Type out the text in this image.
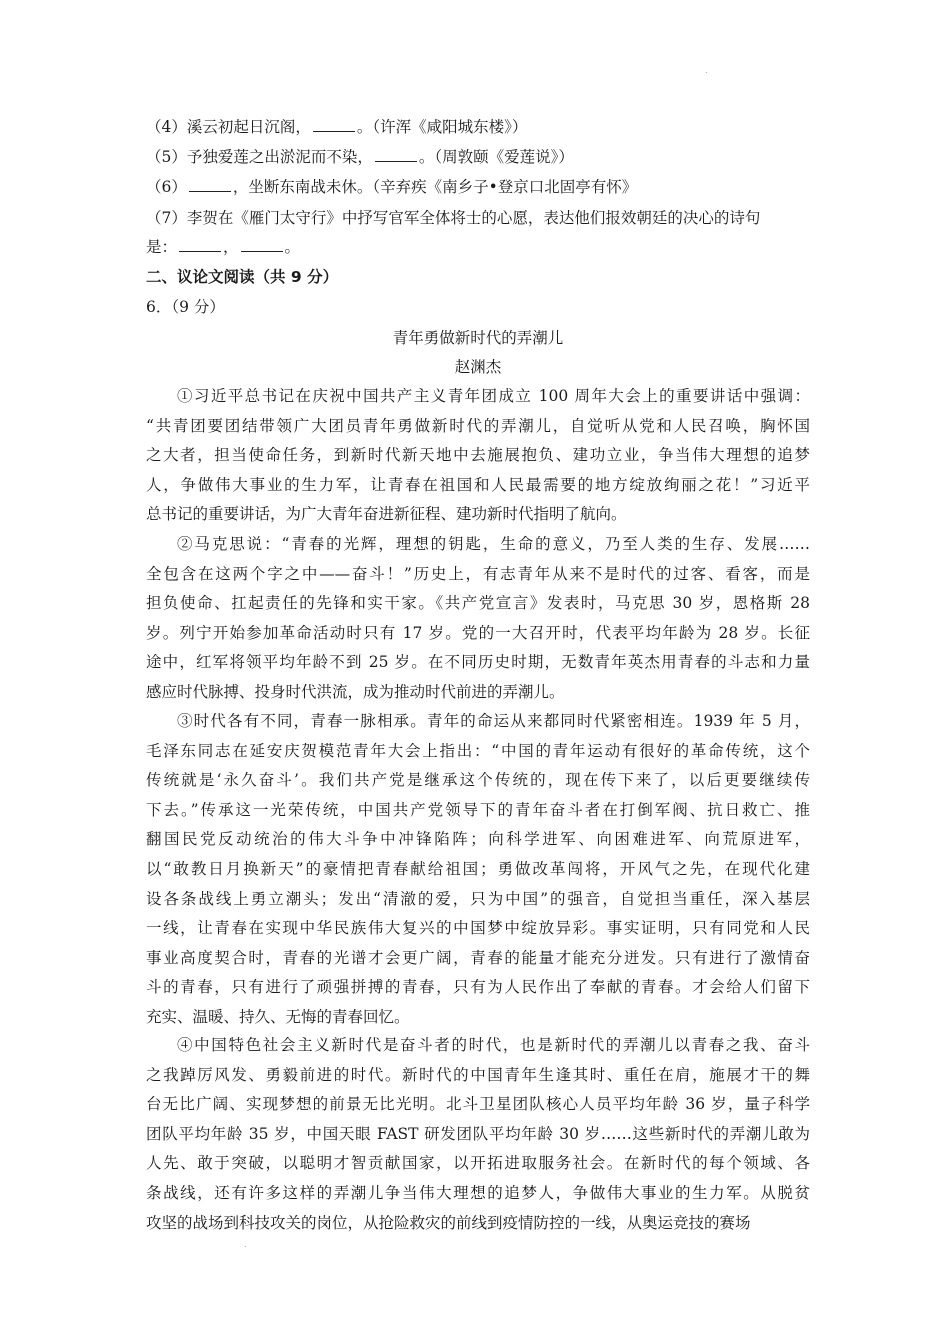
.
（4）溪云初起日沉阁，	。（许浑《咸阳城东楼》）
（5）予独爱莲之出淤泥而不染，	。（周敦颐《爱莲说》）
（6）	，坐断东南战未休。（辛弃疾《南乡子•登京口北固亭有怀》
（7）李贺在《雁门太守行》中抒写官军全体将士的心愿，表达他们报效朝廷的决心的诗句
是：	，	。
二、议论文阅读（共 9 分）
6．（9 分）
青年勇做新时代的弄潮儿
赵渊杰
①习近平总书记在庆祝中国共产主义青年团成立 100 周年大会上的重要讲话中强调：
“共青团要团结带领广大团员青年勇做新时代的弄潮儿，自觉听从党和人民召唤，胸怀国
之大者，担当使命任务，到新时代新天地中去施展抱负、建功立业，争当伟大理想的追梦
人，争做伟大事业的生力军，让青春在祖国和人民最需要的地方绽放绚丽之花！”习近平
总书记的重要讲话，为广大青年奋进新征程、建功新时代指明了航向。
②马克思说：“青春的光辉，理想的钥匙，生命的意义，乃至人类的生存、发展……
全包含在这两个字之中——奋斗！”历史上，有志青年从来不是时代的过客、看客，而是
担负使命、扛起责任的先锋和实干家。《共产党宣言》发表时，马克思 30 岁，恩格斯 28
岁。列宁开始参加革命活动时只有 17 岁。党的一大召开时，代表平均年龄为 28 岁。长征
途中，红军将领平均年龄不到 25 岁。在不同历史时期，无数青年英杰用青春的斗志和力量
感应时代脉搏、投身时代洪流，成为推动时代前进的弄潮儿。
③时代各有不同，青春一脉相承。青年的命运从来都同时代紧密相连。1939 年 5 月，
毛泽东同志在延安庆贺模范青年大会上指出：“中国的青年运动有很好的革命传统，这个
传统就是‘永久奋斗’。我们共产党是继承这个传统的，现在传下来了，以后更要继续传
下去。”传承这一光荣传统，中国共产党领导下的青年奋斗者在打倒军阀、抗日救亡、推
翻国民党反动统治的伟大斗争中冲锋陷阵；向科学进军、向困难进军、向荒原进军，
以“敢教日月换新天”的豪情把青春献给祖国；勇做改革闯将，开风气之先，在现代化建
设各条战线上勇立潮头；发出“清澈的爱，只为中国”的强音，自觉担当重任，深入基层
一线，让青春在实现中华民族伟大复兴的中国梦中绽放异彩。事实证明，只有同党和人民
事业高度契合时，青春的光谱才会更广阔，青春的能量才能充分迸发。只有进行了激情奋
斗的青春，只有进行了顽强拼搏的青春，只有为人民作出了奉献的青春。才会给人们留下
充实、温暖、持久、无悔的青春回忆。
④中国特色社会主义新时代是奋斗者的时代，也是新时代的弄潮儿以青春之我、奋斗
之我踔厉风发、勇毅前进的时代。新时代的中国青年生逢其时、重任在肩，施展才干的舞
台无比广阔、实现梦想的前景无比光明。北斗卫星团队核心人员平均年龄 36 岁，量子科学
团队平均年龄 35 岁，中国天眼 FAST 研发团队平均年龄 30 岁……这些新时代的弄潮儿敢为
人先、敢于突破，以聪明才智贡献国家，以开拓进取服务社会。在新时代的每个领域、各
条战线，还有许多这样的弄潮儿争当伟大理想的追梦人，争做伟大事业的生力军。从脱贫
攻坚的战场到科技攻关的岗位，从抢险救灾的前线到疫情防控的一线，从奥运竞技的赛场
.
